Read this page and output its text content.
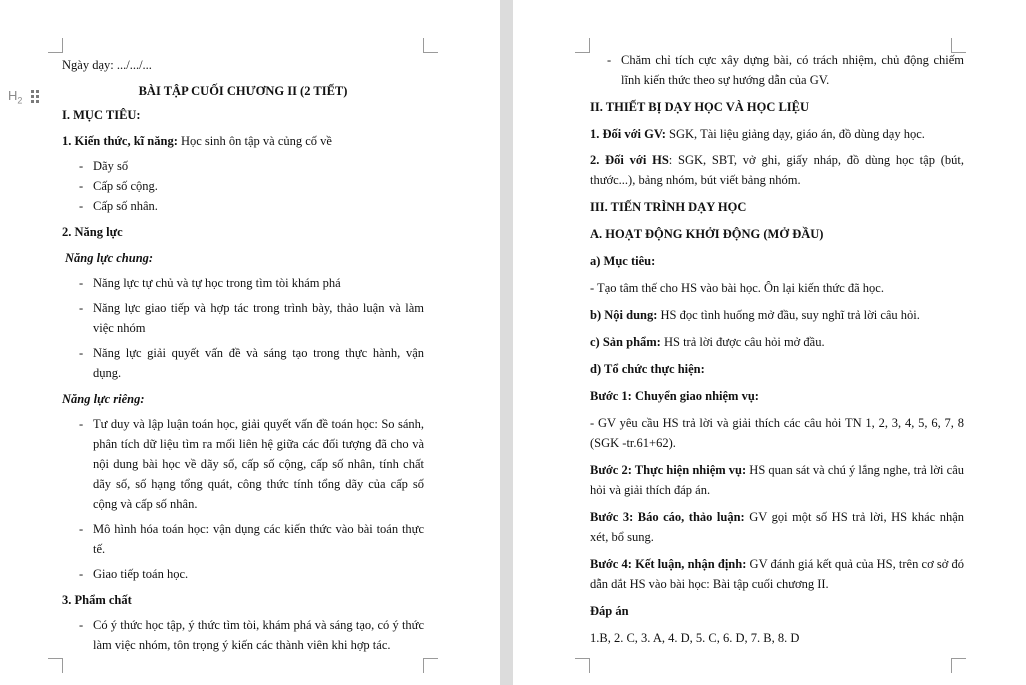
Ngày dạy: .../.../...
BÀI TẬP CUỐI CHƯƠNG II (2 TIẾT)
I. MỤC TIÊU:
1. Kiến thức, kĩ năng: Học sinh ôn tập và củng cố về
- Dãy số
- Cấp số cộng.
- Cấp số nhân.
2. Năng lực
Năng lực chung:
- Năng lực tự chủ và tự học trong tìm tòi khám phá
- Năng lực giao tiếp và hợp tác trong trình bày, thảo luận và làm việc nhóm
- Năng lực giải quyết vấn đề và sáng tạo trong thực hành, vận dụng.
Năng lực riêng:
- Tư duy và lập luận toán học, giải quyết vấn đề toán học: So sánh, phân tích dữ liệu tìm ra mối liên hệ giữa các đối tượng đã cho và nội dung bài học về dãy số, cấp số cộng, cấp số nhân, tính chất dãy số, số hạng tổng quát, công thức tính tổng dãy của cấp số cộng và cấp số nhân.
- Mô hình hóa toán học: vận dụng các kiến thức vào bài toán thực tế.
- Giao tiếp toán học.
3. Phẩm chất
- Có ý thức học tập, ý thức tìm tòi, khám phá và sáng tạo, có ý thức làm việc nhóm, tôn trọng ý kiến các thành viên khi hợp tác.
$H_2$
- Chăm chỉ tích cực xây dựng bài, có trách nhiệm, chủ động chiếm lĩnh kiến thức theo sự hướng dẫn của GV.
II. THIẾT BỊ DẠY HỌC VÀ HỌC LIỆU
1. Đối với GV: SGK, Tài liệu giảng dạy, giáo án, đồ dùng dạy học.
2. Đối với HS: SGK, SBT, vở ghi, giấy nháp, đồ dùng học tập (bút, thước...), bảng nhóm, bút viết bảng nhóm.
III. TIẾN TRÌNH DẠY HỌC
A. HOẠT ĐỘNG KHỞI ĐỘNG (MỞ ĐẦU)
a) Mục tiêu:
- Tạo tâm thế cho HS vào bài học. Ôn lại kiến thức đã học.
b) Nội dung: HS đọc tình huống mở đầu, suy nghĩ trả lời câu hỏi.
c) Sản phẩm: HS trả lời được câu hỏi mở đầu.
d) Tổ chức thực hiện:
Bước 1: Chuyển giao nhiệm vụ:
- GV yêu cầu HS trả lời và giải thích các câu hỏi TN 1, 2, 3, 4, 5, 6, 7, 8 (SGK -tr.61+62).
Bước 2: Thực hiện nhiệm vụ: HS quan sát và chú ý lắng nghe, trả lời câu hỏi và giải thích đáp án.
Bước 3: Báo cáo, thảo luận: GV gọi một số HS trả lời, HS khác nhận xét, bổ sung.
Bước 4: Kết luận, nhận định: GV đánh giá kết quả của HS, trên cơ sở đó dẫn dắt HS vào bài học: Bài tập cuối chương II.
Đáp án
1.B, 2. C, 3. A, 4. D, 5. C, 6. D, 7. B, 8. D
